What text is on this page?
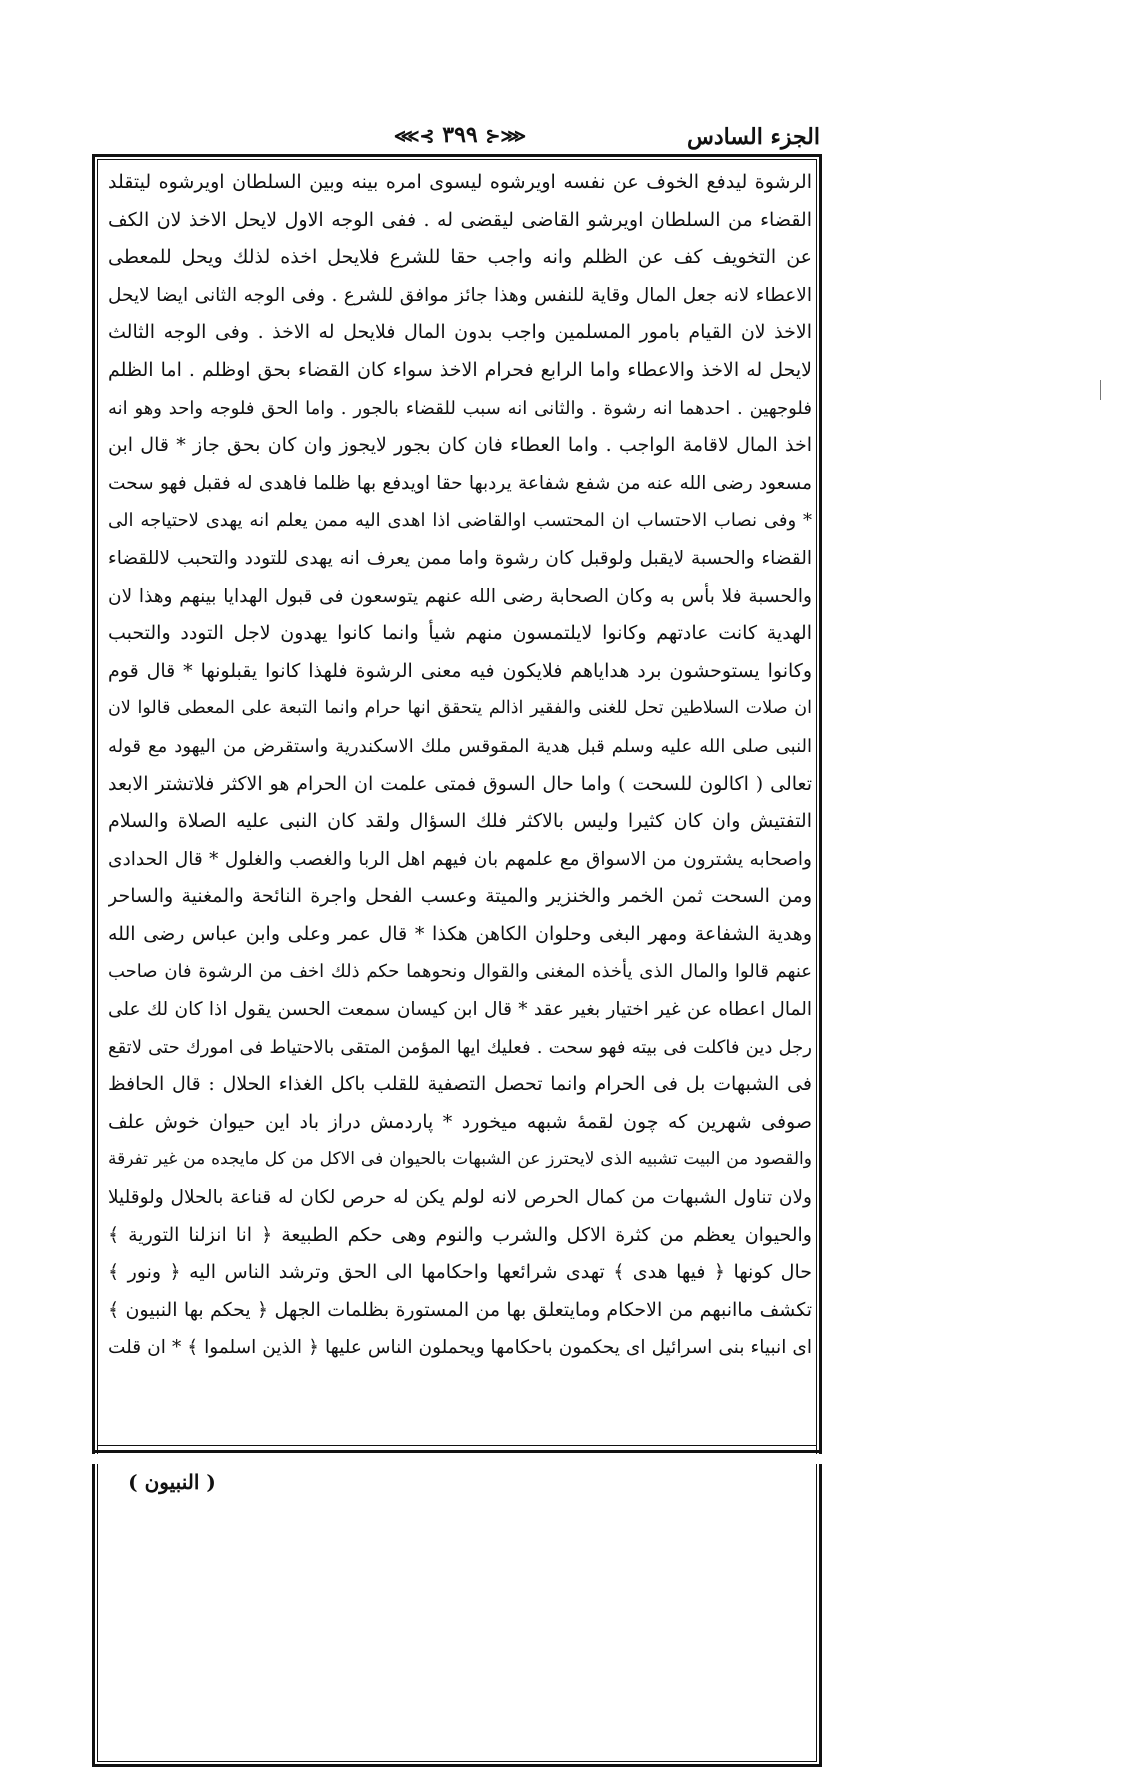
الجزء السادس
⋘⊰ ٣٩٩ ⊱⋙
الرشوة ليدفع الخوف عن نفسه اويرشوه ليسوى امره بينه وبين السلطان اويرشوه ليتقلد
القضاء من السلطان اويرشو القاضى ليقضى له . ففى الوجه الاول لايحل الاخذ لان الكف
عن التخويف كف عن الظلم وانه واجب حقا للشرع فلايحل اخذه لذلك ويحل للمعطى
الاعطاء لانه جعل المال وقاية للنفس وهذا جائز موافق للشرع . وفى الوجه الثانى ايضا لايحل
الاخذ لان القيام بامور المسلمين واجب بدون المال فلايحل له الاخذ . وفى الوجه الثالث
لايحل له الاخذ والاعطاء واما الرابع فحرام الاخذ سواء كان القضاء بحق اوظلم . اما الظلم
فلوجهين . احدهما انه رشوة . والثانى انه سبب للقضاء بالجور . واما الحق فلوجه واحد وهو انه
اخذ المال لاقامة الواجب . واما العطاء فان كان بجور لايجوز وان كان بحق جاز * قال ابن
مسعود رضى الله عنه من شفع شفاعة يردبها حقا اويدفع بها ظلما فاهدى له فقبل فهو سحت
* وفى نصاب الاحتساب ان المحتسب اوالقاضى اذا اهدى اليه ممن يعلم انه يهدى لاحتياجه الى
القضاء والحسبة لايقبل ولوقبل كان رشوة واما ممن يعرف انه يهدى للتودد والتحبب لاللقضاء
والحسبة فلا بأس به وكان الصحابة رضى الله عنهم يتوسعون فى قبول الهدايا بينهم وهذا لان
الهدية كانت عادتهم وكانوا لايلتمسون منهم شيأ وانما كانوا يهدون لاجل التودد والتحبب
وكانوا يستوحشون برد هداياهم فلايكون فيه معنى الرشوة فلهذا كانوا يقبلونها * قال قوم
ان صلات السلاطين تحل للغنى والفقير اذالم يتحقق انها حرام وانما التبعة على المعطى قالوا لان
النبى صلى الله عليه وسلم قبل هدية المقوقس ملك الاسكندرية واستقرض من اليهود مع قوله
تعالى ( اكالون للسحت ) واما حال السوق فمتى علمت ان الحرام هو الاكثر فلاتشتر الابعد
التفتيش وان كان كثيرا وليس بالاكثر فلك السؤال ولقد كان النبى عليه الصلاة والسلام
واصحابه يشترون من الاسواق مع علمهم بان فيهم اهل الربا والغصب والغلول * قال الحدادى
ومن السحت ثمن الخمر والخنزير والميتة وعسب الفحل واجرة النائحة والمغنية والساحر
وهدية الشفاعة ومهر البغى وحلوان الكاهن هكذا * قال عمر وعلى وابن عباس رضى الله
عنهم قالوا والمال الذى يأخذه المغنى والقوال ونحوهما حكم ذلك اخف من الرشوة فان صاحب
المال اعطاه عن غير اختيار بغير عقد * قال ابن كيسان سمعت الحسن يقول اذا كان لك على
رجل دين فاكلت فى بيته فهو سحت . فعليك ايها المؤمن المتقى بالاحتياط فى امورك حتى لاتقع
فى الشبهات بل فى الحرام وانما تحصل التصفية للقلب باكل الغذاء الحلال : قال الحافظ
صوفى شهرين كه چون لقمهٔ شبهه ميخورد * پاردمش دراز باد اين حيوان خوش علف
والقصود من البيت تشبيه الذى لايحترز عن الشبهات بالحيوان فى الاكل من كل مايجده من غير تفرقة
ولان تناول الشبهات من كمال الحرص لانه لولم يكن له حرص لكان له قناعة بالحلال ولوقليلا
والحيوان يعظم من كثرة الاكل والشرب والنوم وهى حكم الطبيعة ﴿ انا انزلنا التورية ﴾
حال كونها ﴿ فيها هدى ﴾ تهدى شرائعها واحكامها الى الحق وترشد الناس اليه ﴿ ونور ﴾
تكشف ماانبهم من الاحكام ومايتعلق بها من المستورة بظلمات الجهل ﴿ يحكم بها النبيون ﴾
اى انبياء بنى اسرائيل اى يحكمون باحكامها ويحملون الناس عليها ﴿ الذين اسلموا ﴾ * ان قلت
( النبيون )
